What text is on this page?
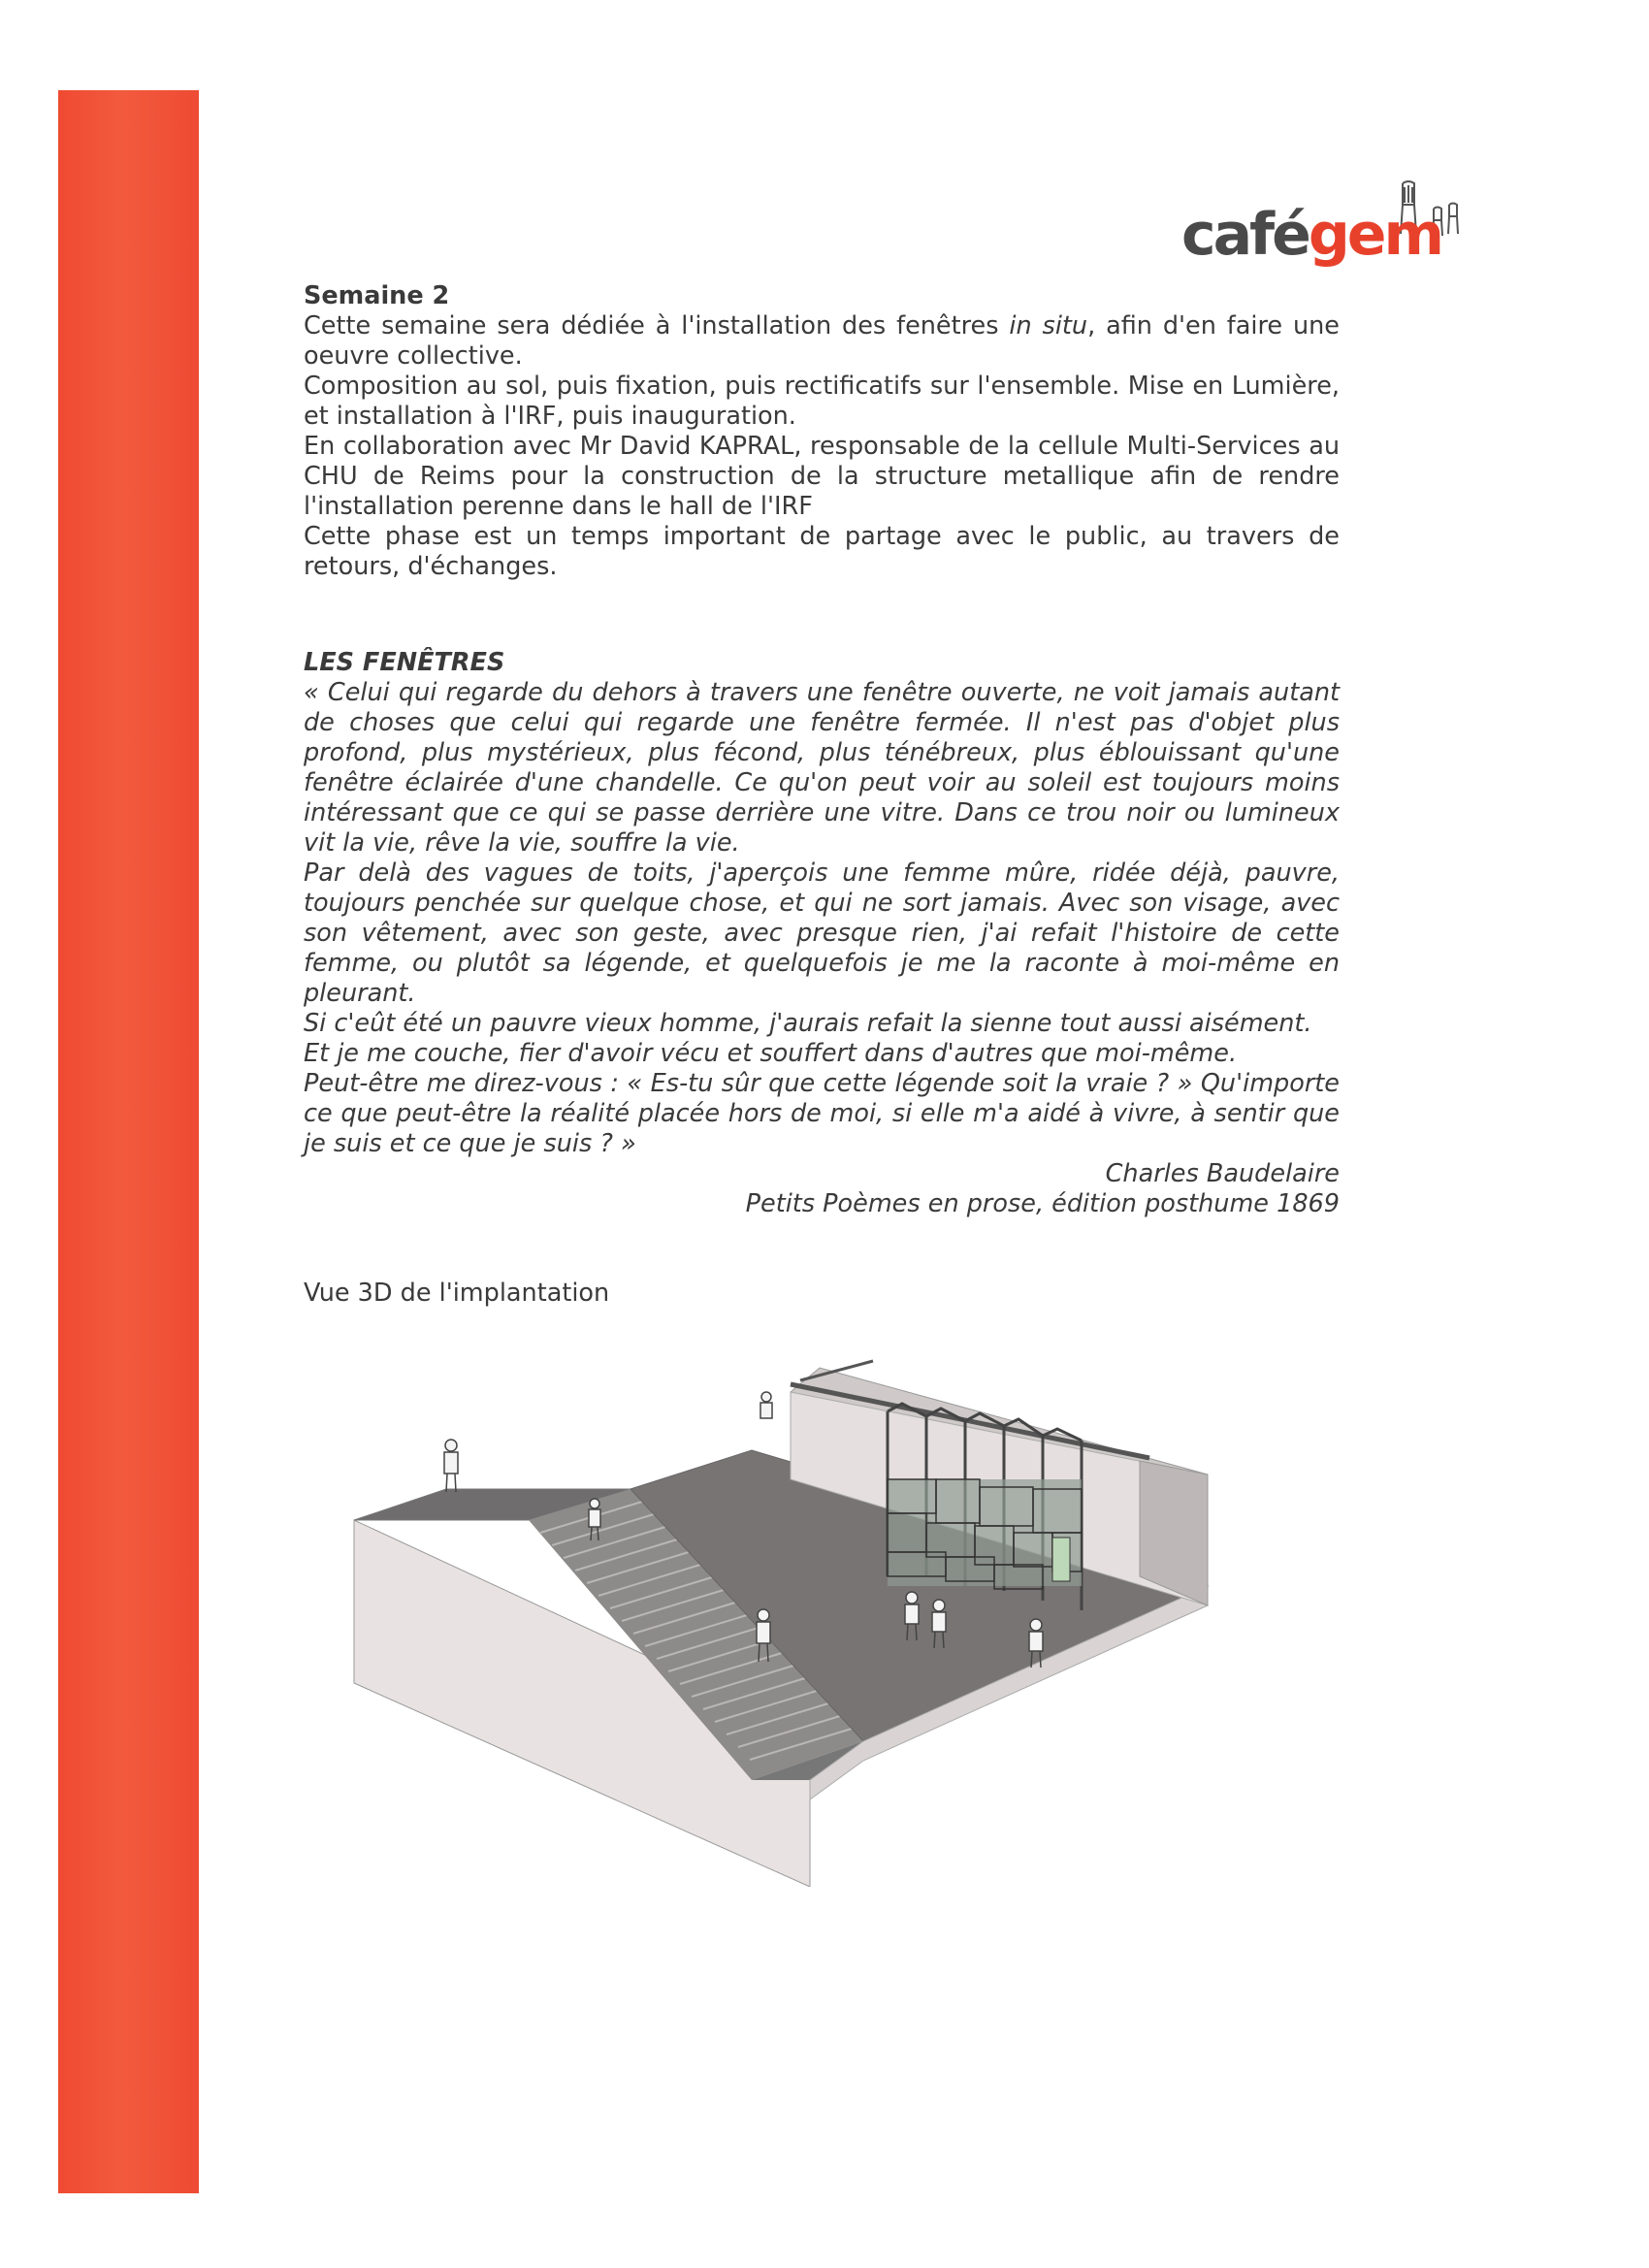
cafégem
Semaine 2
Cette semaine sera dédiée à l'installation des fenêtres in situ, afin d'en faire une oeuvre collective.
Composition au sol, puis fixation, puis rectificatifs sur l'ensemble. Mise en Lumière, et installation à l'IRF, puis inauguration.
En collaboration avec Mr David KAPRAL, responsable de la cellule Multi-Services au CHU de Reims pour la construction de la structure metallique afin de rendre l'installation perenne dans le hall de l'IRF
Cette phase est un temps important de partage avec le public, au travers de retours, d'échanges.
LES FENÊTRES
« Celui qui regarde du dehors à travers une fenêtre ouverte, ne voit jamais autant de choses que celui qui regarde une fenêtre fermée. Il n'est pas d'objet plus profond, plus mystérieux, plus fécond, plus ténébreux, plus éblouissant qu'une fenêtre éclairée d'une chandelle. Ce qu'on peut voir au soleil est toujours moins intéressant que ce qui se passe derrière une vitre. Dans ce trou noir ou lumineux vit la vie, rêve la vie, souffre la vie.
Par delà des vagues de toits, j'aperçois une femme mûre, ridée déjà, pauvre, toujours penchée sur quelque chose, et qui ne sort jamais. Avec son visage, avec son vêtement, avec son geste, avec presque rien, j'ai refait l'histoire de cette femme, ou plutôt sa légende, et quelquefois je me la raconte à moi-même en pleurant.
Si c'eût été un pauvre vieux homme, j'aurais refait la sienne tout aussi aisément.
Et je me couche, fier d'avoir vécu et souffert dans d'autres que moi-même.
Peut-être me direz-vous : « Es-tu sûr que cette légende soit la vraie ? » Qu'importe ce que peut-être la réalité placée hors de moi, si elle m'a aidé à vivre, à sentir que je suis et ce que je suis ? »
Charles Baudelaire
Petits Poèmes en prose, édition posthume 1869
Vue 3D de l'implantation
